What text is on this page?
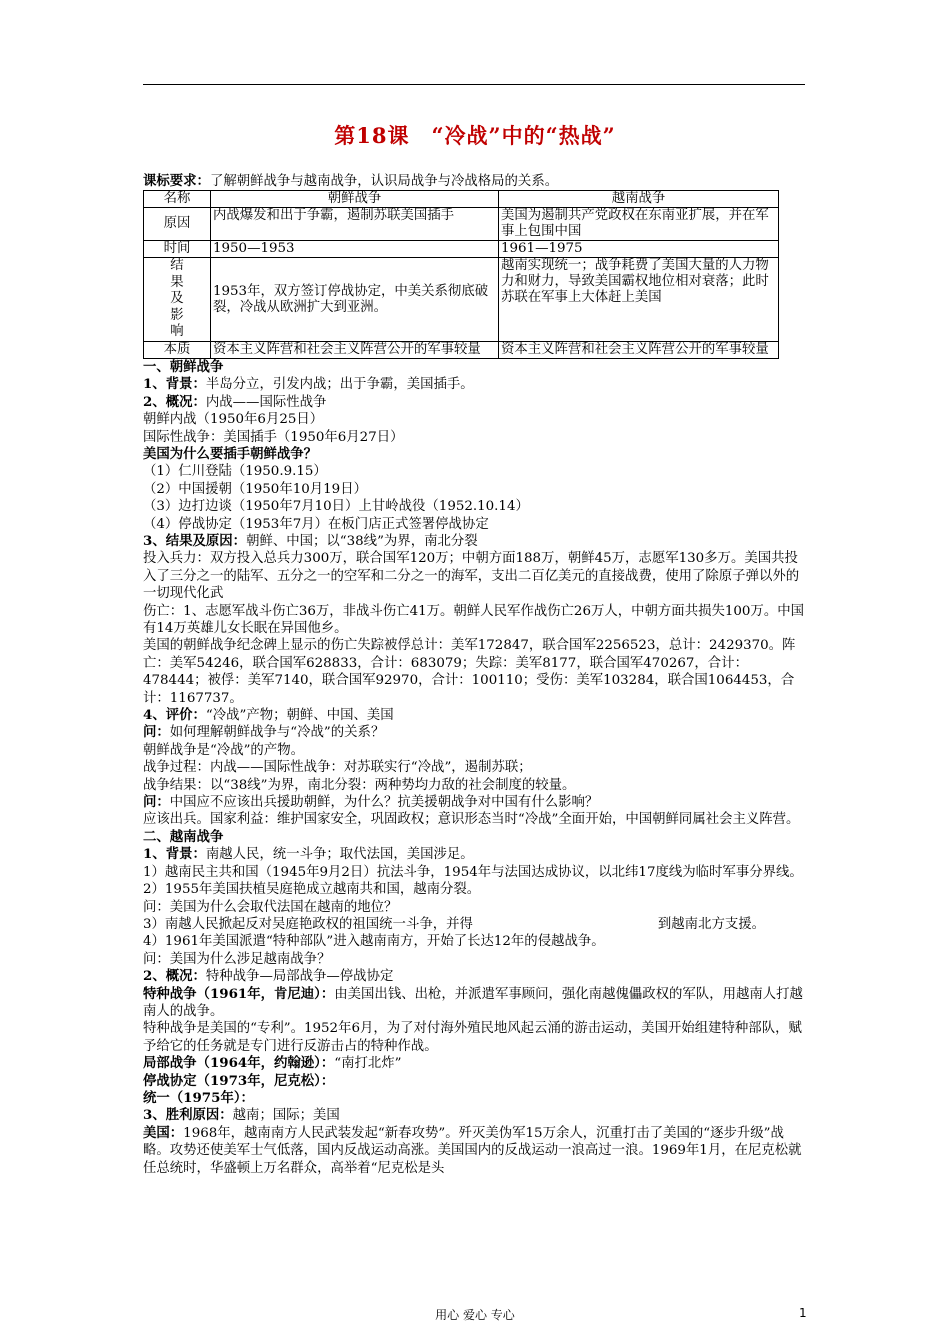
第18课　“冷战”中的“热战”

课标要求：了解朝鲜战争与越南战争，认识局战争与冷战格局的关系。

名称	朝鲜战争	越南战争
原因	内战爆发和出于争霸，遏制苏联美国插手	美国为遏制共产党政权在东南亚扩展，并在军事上包围中国
时间	1950—1953	1961—1975

结
果
及
影
响	1953年，双方签订停战协定，中美关系彻底破裂，冷战从欧洲扩大到亚洲。	越南实现统一；战争耗费了美国大量的人力物力和财力，导致美国霸权地位相对衰落；此时苏联在军事上大体赶上美国
本质	资本主义阵营和社会主义阵营公开的军事较量	资本主义阵营和社会主义阵营公开的军事较量

一、朝鲜战争

1、背景：半岛分立，引发内战；出于争霸，美国插手。

2、概况：内战——国际性战争

朝鲜内战（1950年6月25日）

国际性战争：美国插手（1950年6月27日）

美国为什么要插手朝鲜战争？

（1）仁川登陆（1950.9.15）

（2）中国援朝（1950年10月19日）

（3）边打边谈（1950年7月10日）上甘岭战役（1952.10.14）

（4）停战协定（1953年7月）在板门店正式签署停战协定

3、结果及原因：朝鲜、中国；以“38线”为界，南北分裂

投入兵力：双方投入总兵力300万，联合国军120万；中朝方面188万，朝鲜45万，志愿军130多万。美国共投入了三分之一的陆军、五分之一的空军和二分之一的海军，支出二百亿美元的直接战费，使用了除原子弹以外的一切现代化武

伤亡：1、志愿军战斗伤亡36万，非战斗伤亡41万。朝鲜人民军作战伤亡26万人，中朝方面共损失100万。中国有14万英雄儿女长眠在异国他乡。

美国的朝鲜战争纪念碑上显示的伤亡失踪被俘总计：美军172847，联合国军2256523，总计：2429370。阵亡：美军54246，联合国军628833，合计：683079；失踪：美军8177，联合国军470267，合计：478444；被俘：美军7140，联合国军92970，合计：100110；受伤：美军103284，联合国1064453，合计：1167737。

4、评价：“冷战”产物；朝鲜、中国、美国

问：如何理解朝鲜战争与“冷战”的关系？

朝鲜战争是“冷战”的产物。

战争过程：内战——国际性战争：对苏联实行“冷战”，遏制苏联；

战争结果：以“38线”为界，南北分裂：两种势均力敌的社会制度的较量。

问：中国应不应该出兵援助朝鲜，为什么？抗美援朝战争对中国有什么影响？

应该出兵。国家利益：维护国家安全，巩固政权；意识形态当时“冷战”全面开始，中国朝鲜同属社会主义阵营。

二、越南战争

1、背景：南越人民，统一斗争；取代法国，美国涉足。

1）越南民主共和国（1945年9月2日）抗法斗争，1954年与法国达成协议，以北纬17度线为临时军事分界线。

2）1955年美国扶植吴庭艳成立越南共和国，越南分裂。

问：美国为什么会取代法国在越南的地位？

3）南越人民掀起反对吴庭艳政权的祖国统一斗争，并得	到越南北方支援。

4）1961年美国派遣“特种部队”进入越南南方，开始了长达12年的侵越战争。

问：美国为什么涉足越南战争？

2、概况：特种战争—局部战争—停战协定

特种战争（1961年，肯尼迪）：由美国出钱、出枪，并派遣军事顾问，强化南越傀儡政权的军队，用越南人打越南人的战争。

特种战争是美国的“专利”。1952年6月，为了对付海外殖民地风起云涌的游击运动，美国开始组建特种部队，赋予给它的任务就是专门进行反游击占的特种作战。

局部战争（1964年，约翰逊）：“南打北炸”

停战协定（1973年，尼克松）：

统一（1975年）：

3、胜利原因：越南；国际；美国

美国：1968年，越南南方人民武装发起“新春攻势”。歼灭美伪军15万余人，沉重打击了美国的“逐步升级”战略。攻势还使美军士气低落，国内反战运动高涨。美国国内的反战运动一浪高过一浪。1969年1月，在尼克松就任总统时，华盛顿上万名群众，高举着“尼克松是头

用心 爱心 专心	1
